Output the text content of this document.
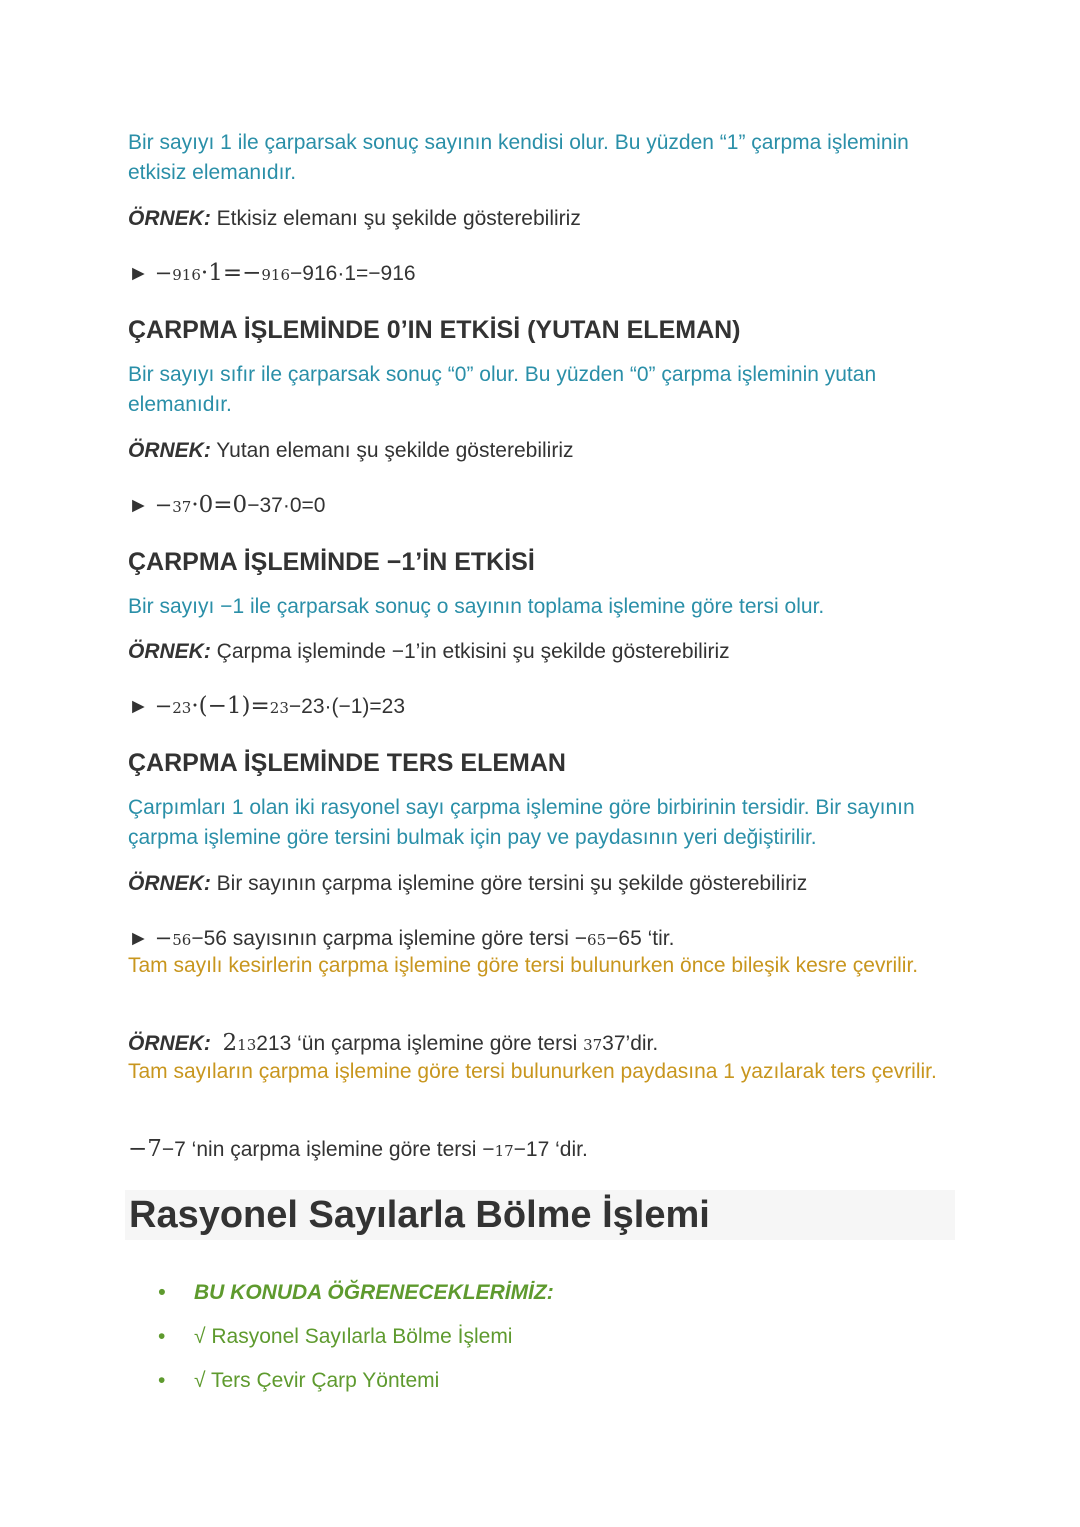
Bir sayıyı 1 ile çarparsak sonuç sayının kendisi olur. Bu yüzden “1” çarpma işleminin etkisiz elemanıdır.

ÖRNEK: Etkisiz elemanı şu şekilde gösterebiliriz

► −916·1=−916−916·1=−916

ÇARPMA İŞLEMİNDE 0’IN ETKİSİ (YUTAN ELEMAN)

Bir sayıyı sıfır ile çarparsak sonuç “0” olur. Bu yüzden “0” çarpma işleminin yutan elemanıdır.

ÖRNEK: Yutan elemanı şu şekilde gösterebiliriz

► −37·0=0−37·0=0

ÇARPMA İŞLEMİNDE −1’İN ETKİSİ

Bir sayıyı −1 ile çarparsak sonuç o sayının toplama işlemine göre tersi olur.

ÖRNEK: Çarpma işleminde −1’in etkisini şu şekilde gösterebiliriz

► −23·(−1)=23−23·(−1)=23

ÇARPMA İŞLEMİNDE TERS ELEMAN

Çarpımları 1 olan iki rasyonel sayı çarpma işlemine göre birbirinin tersidir. Bir sayının çarpma işlemine göre tersini bulmak için pay ve paydasının yeri değiştirilir.

ÖRNEK: Bir sayının çarpma işlemine göre tersini şu şekilde gösterebiliriz

► −56−56 sayısının çarpma işlemine göre tersi −65−65 ‘tir.

Tam sayılı kesirlerin çarpma işlemine göre tersi bulunurken önce bileşik kesre çevrilir.

ÖRNEK: 213213 ‘ün çarpma işlemine göre tersi 3737’dir.

Tam sayıların çarpma işlemine göre tersi bulunurken paydasına 1 yazılarak ters çevrilir.

−7−7 ‘nin çarpma işlemine göre tersi −17−17 ‘dir.

Rasyonel Sayılarla Bölme İşlemi
• BU KONUDA ÖĞRENECEKLERİMİZ:
• √ Rasyonel Sayılarla Bölme İşlemi
• √ Ters Çevir Çarp Yöntemi
